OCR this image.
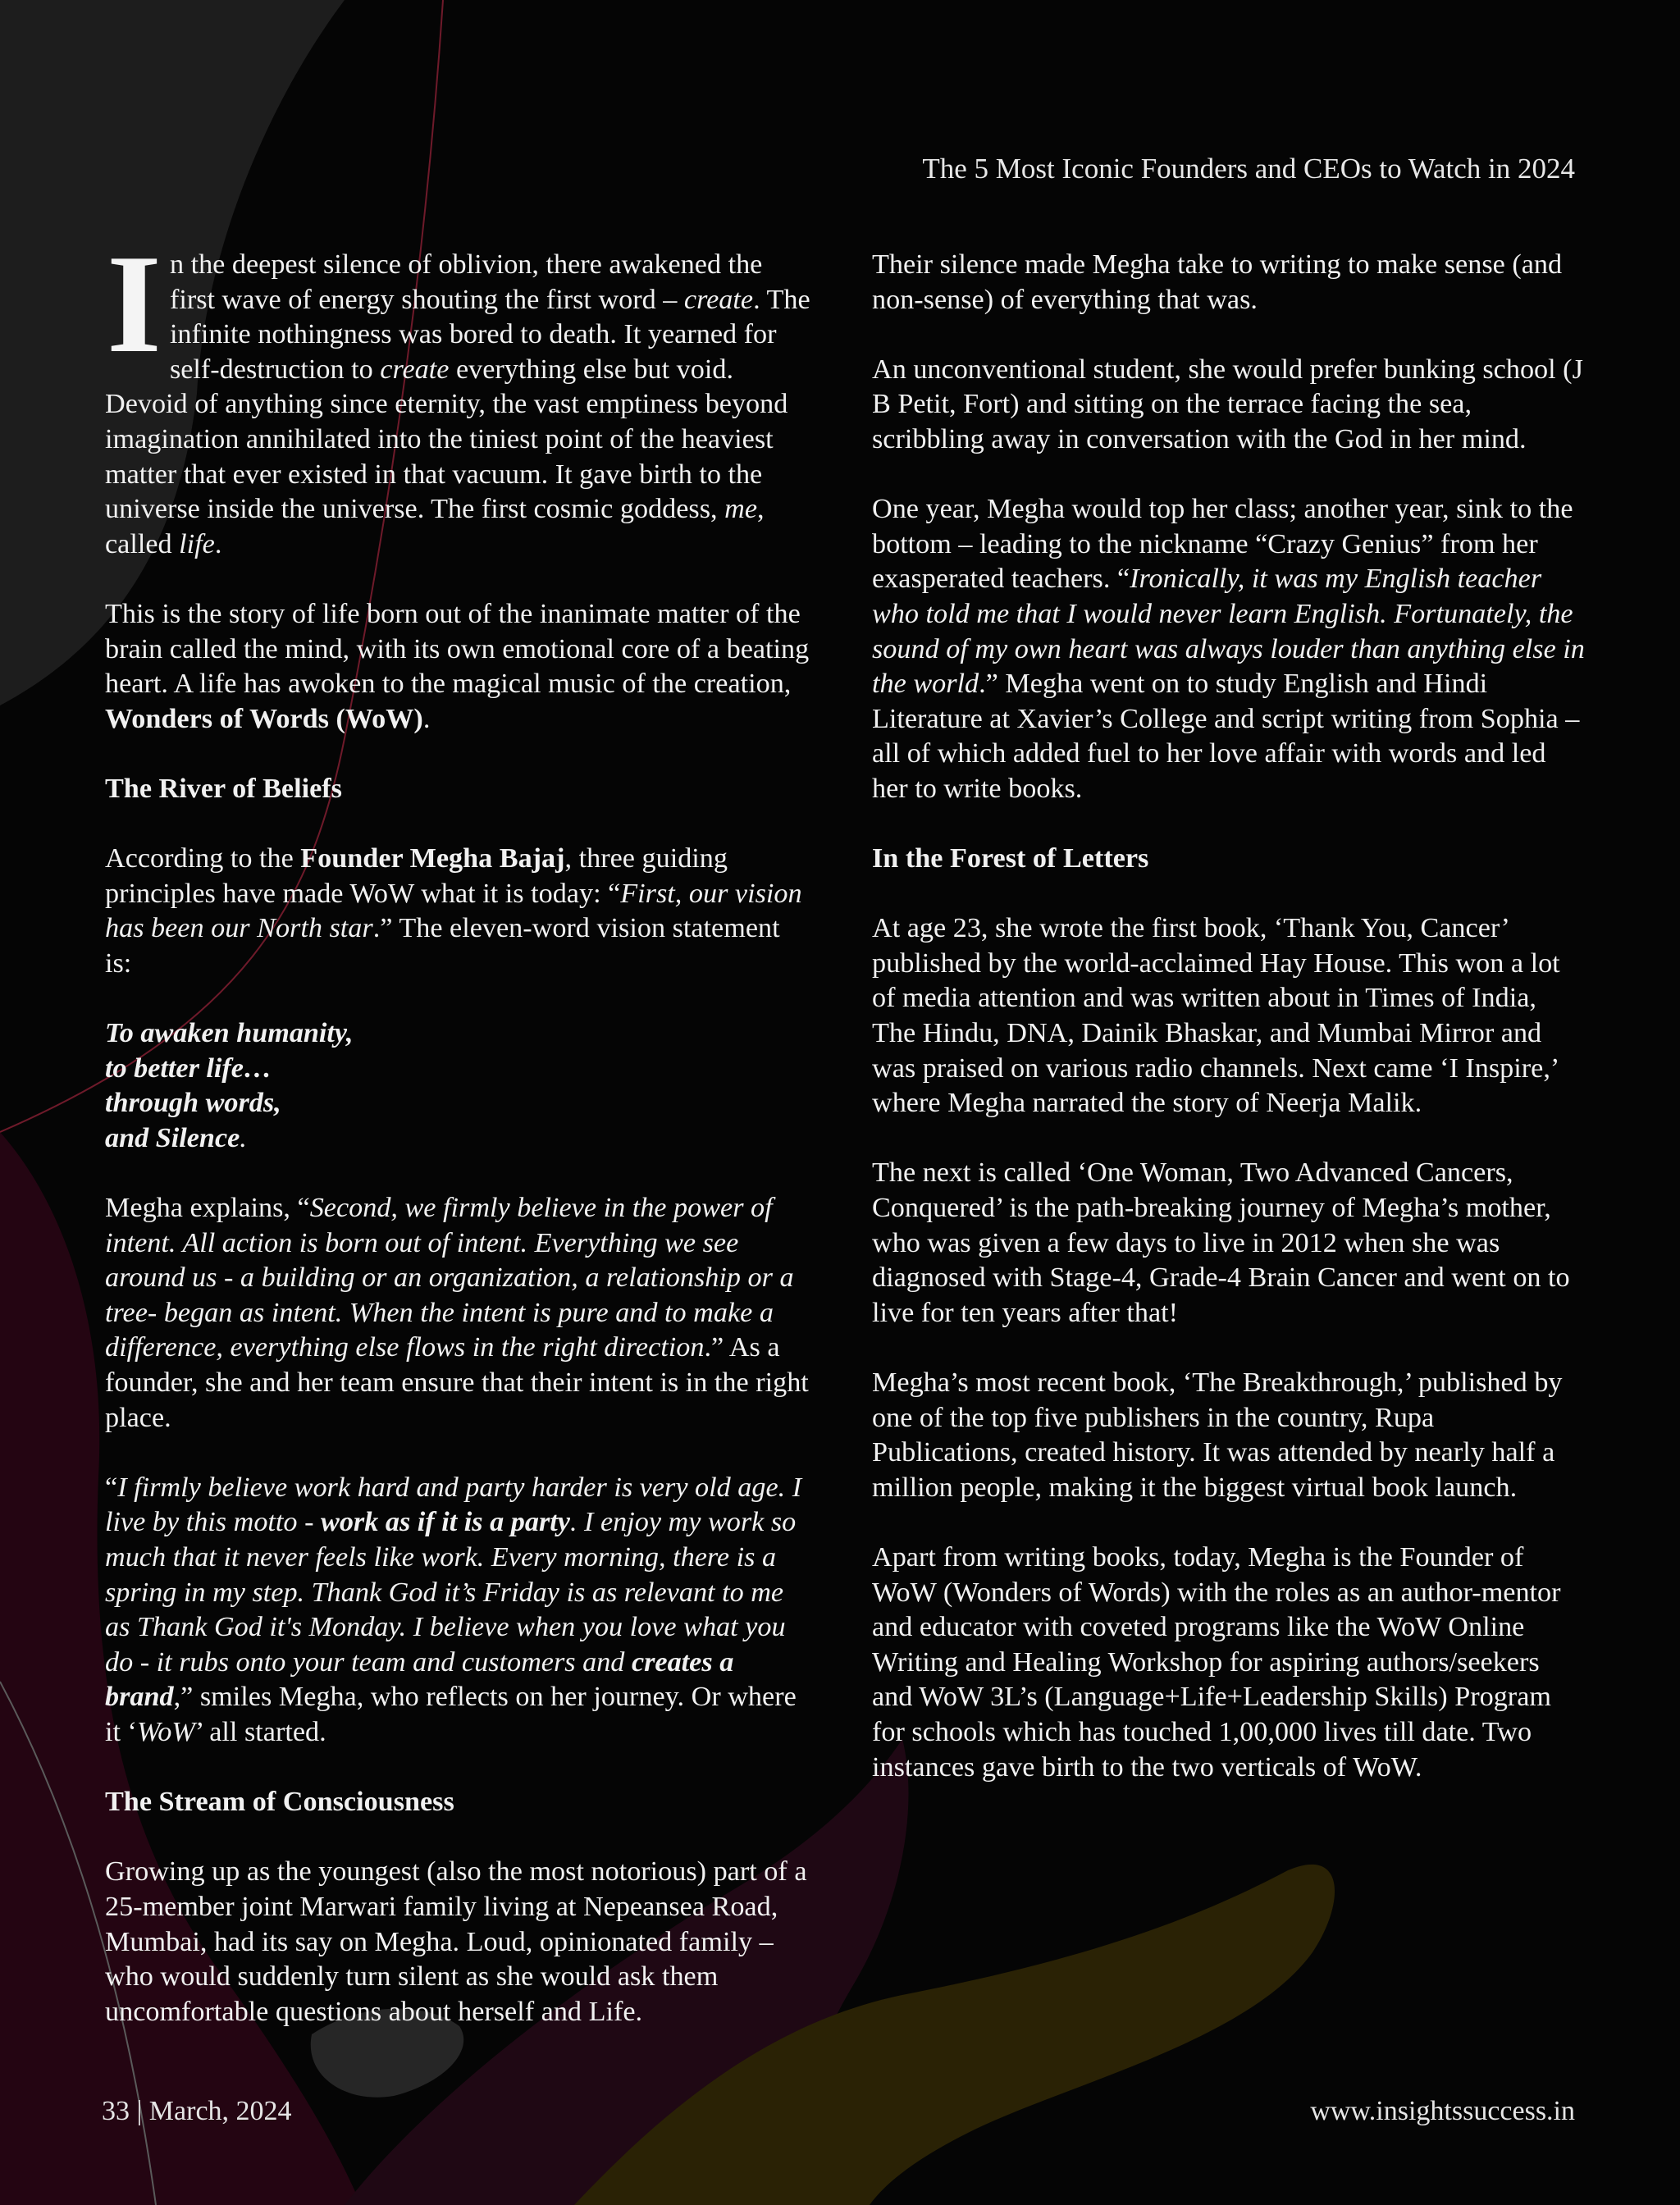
The 5 Most Iconic Founders and CEOs to Watch in 2024

In the deepest silence of oblivion, there awakened the first wave of energy shouting the first word – create. The infinite nothingness was bored to death. It yearned for self-destruction to create everything else but void. Devoid of anything since eternity, the vast emptiness beyond imagination annihilated into the tiniest point of the heaviest matter that ever existed in that vacuum. It gave birth to the universe inside the universe. The first cosmic goddess, me, called life.

This is the story of life born out of the inanimate matter of the brain called the mind, with its own emotional core of a beating heart. A life has awoken to the magical music of the creation, Wonders of Words (WoW).

The River of Beliefs

According to the Founder Megha Bajaj, three guiding principles have made WoW what it is today: “First, our vision has been our North star.” The eleven-word vision statement is:

To awaken humanity,
to better life…
through words,
and Silence.

Megha explains, “Second, we firmly believe in the power of intent. All action is born out of intent. Everything we see around us - a building or an organization, a relationship or a tree- began as intent. When the intent is pure and to make a difference, everything else flows in the right direction.” As a founder, she and her team ensure that their intent is in the right place.

“I firmly believe work hard and party harder is very old age. I live by this motto - work as if it is a party. I enjoy my work so much that it never feels like work. Every morning, there is a spring in my step. Thank God it’s Friday is as relevant to me as Thank God it's Monday. I believe when you love what you do - it rubs onto your team and customers and creates a brand,” smiles Megha, who reflects on her journey. Or where it ‘WoW’ all started.

The Stream of Consciousness

Growing up as the youngest (also the most notorious) part of a 25-member joint Marwari family living at Nepeansea Road, Mumbai, had its say on Megha. Loud, opinionated family – who would suddenly turn silent as she would ask them uncomfortable questions about herself and Life.

Their silence made Megha take to writing to make sense (and non-sense) of everything that was.

An unconventional student, she would prefer bunking school (J B Petit, Fort) and sitting on the terrace facing the sea, scribbling away in conversation with the God in her mind.

One year, Megha would top her class; another year, sink to the bottom – leading to the nickname “Crazy Genius” from her exasperated teachers. “Ironically, it was my English teacher who told me that I would never learn English. Fortunately, the sound of my own heart was always louder than anything else in the world.” Megha went on to study English and Hindi Literature at Xavier’s College and script writing from Sophia – all of which added fuel to her love affair with words and led her to write books.

In the Forest of Letters

At age 23, she wrote the first book, ‘Thank You, Cancer’ published by the world-acclaimed Hay House. This won a lot of media attention and was written about in Times of India, The Hindu, DNA, Dainik Bhaskar, and Mumbai Mirror and was praised on various radio channels. Next came ‘I Inspire,’ where Megha narrated the story of Neerja Malik.

The next is called ‘One Woman, Two Advanced Cancers, Conquered’ is the path-breaking journey of Megha’s mother, who was given a few days to live in 2012 when she was diagnosed with Stage-4, Grade-4 Brain Cancer and went on to live for ten years after that!

Megha’s most recent book, ‘The Breakthrough,’ published by one of the top five publishers in the country, Rupa Publications, created history. It was attended by nearly half a million people, making it the biggest virtual book launch.

Apart from writing books, today, Megha is the Founder of WoW (Wonders of Words) with the roles as an author-mentor and educator with coveted programs like the WoW Online Writing and Healing Workshop for aspiring authors/seekers and WoW 3L’s (Language+Life+Leadership Skills) Program for schools which has touched 1,00,000 lives till date. Two instances gave birth to the two verticals of WoW.

33 | March, 2024	www.insightssuccess.in
